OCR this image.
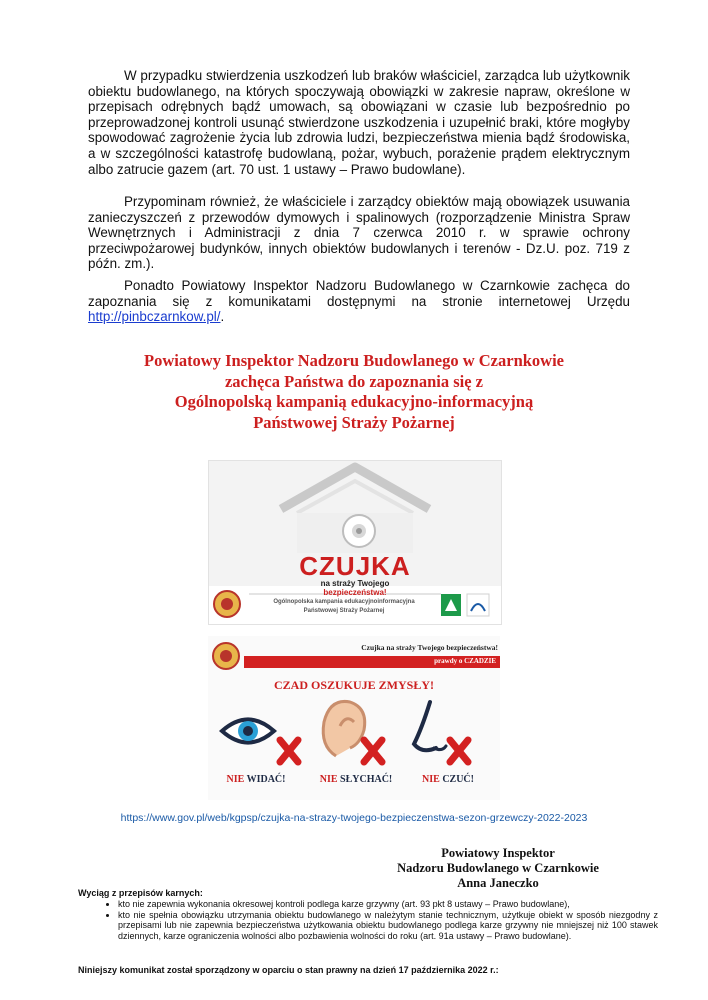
W przypadku stwierdzenia uszkodzeń lub braków właściciel, zarządca lub użytkownik obiektu budowlanego, na których spoczywają obowiązki w zakresie napraw, określone w przepisach odrębnych bądź umowach, są obowiązani w czasie lub bezpośrednio po przeprowadzonej kontroli usunąć stwierdzone uszkodzenia i uzupełnić braki, które mogłyby spowodować zagrożenie życia lub zdrowia ludzi, bezpieczeństwa mienia bądź środowiska, a w szczególności katastrofę budowlaną, pożar, wybuch, porażenie prądem elektrycznym albo zatrucie gazem (art. 70 ust. 1 ustawy – Prawo budowlane).

Przypominam również, że właściciele i zarządcy obiektów mają obowiązek usuwania zanieczyszczeń z przewodów dymowych i spalinowych (rozporządzenie Ministra Spraw Wewnętrznych i Administracji z dnia 7 czerwca 2010 r. w sprawie ochrony przeciwpożarowej budynków, innych obiektów budowlanych i terenów - Dz.U. poz. 719 z późn. zm.).

Ponadto Powiatowy Inspektor Nadzoru Budowlanego w Czarnkowie zachęca do zapoznania się z komunikatami dostępnymi na stronie internetowej Urzędu http://pinbczarnkow.pl/.

Powiatowy Inspektor Nadzoru Budowlanego w Czarnkowie
zachęca Państwa do zapoznania się z
Ogólnopolską kampanią edukacyjno-informacyjną
Państwowej Straży Pożarnej
CZUJKA
na straży Twojego
bezpieczeństwa!
Ogólnopolska kampania edukacyjnoinformacyjna
Państwowej Straży Pożarnej
Czujka na straży Twojego bezpieczeństwa!
prawdy o CZADZIE
CZAD OSZUKUJE ZMYSŁY!
NIE WIDAĆ!	NIE SŁYCHAĆ!	NIE CZUĆ!
https://www.gov.pl/web/kgpsp/czujka-na-strazy-twojego-bezpieczenstwa-sezon-grzewczy-2022-2023
Powiatowy Inspektor
Nadzoru Budowlanego w Czarnkowie
Anna Janeczko
Wyciąg z przepisów karnych:
• kto nie zapewnia wykonania okresowej kontroli podlega karze grzywny (art. 93 pkt 8 ustawy – Prawo budowlane),
• kto nie spełnia obowiązku utrzymania obiektu budowlanego w należytym stanie technicznym, użytkuje obiekt w sposób niezgodny z przepisami lub nie zapewnia bezpieczeństwa użytkowania obiektu budowlanego podlega karze grzywny nie mniejszej niż 100 stawek dziennych, karze ograniczenia wolności albo pozbawienia wolności do roku (art. 91a ustawy – Prawo budowlane).
Niniejszy komunikat został sporządzony w oparciu o stan prawny na dzień 17 października 2022 r.:
